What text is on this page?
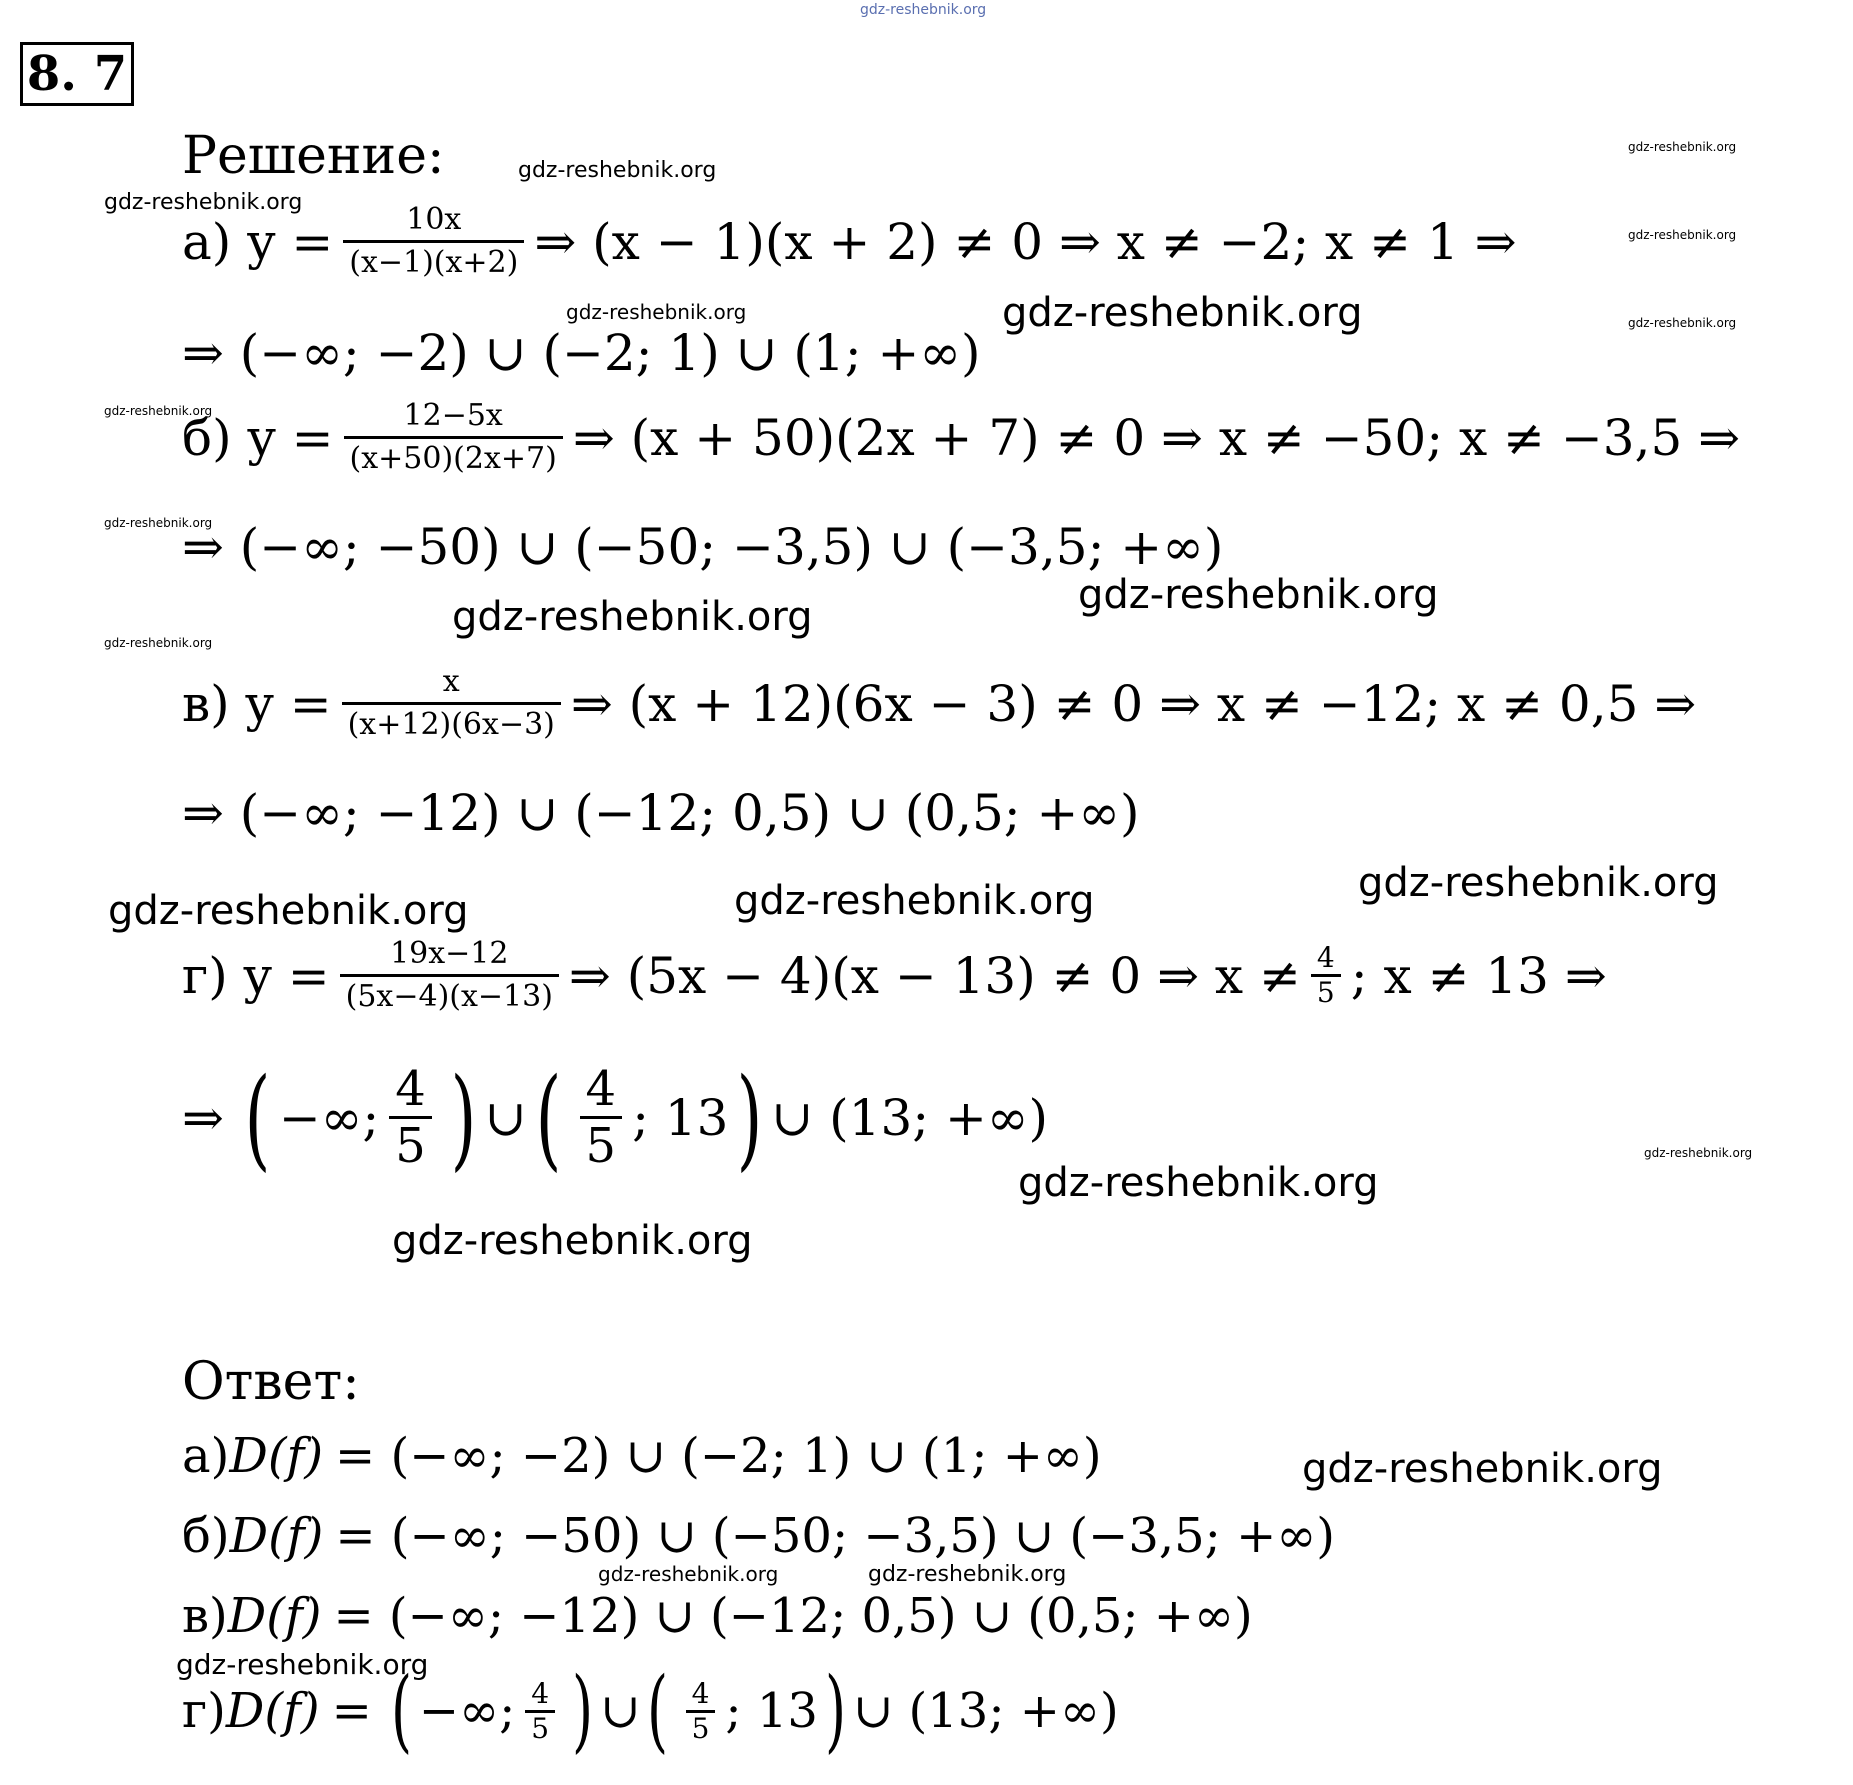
gdz-reshebnik.org
gdz-reshebnik.org
gdz-reshebnik.org
gdz-reshebnik.org
gdz-reshebnik.org
gdz-reshebnik.org
gdz-reshebnik.org	gdz-reshebnik.org
gdz-reshebnik.org
gdz-reshebnik.org
gdz-reshebnik.org
gdz-reshebnik.org
gdz-reshebnik.org
gdz-reshebnik.org
gdz-reshebnik.org	gdz-reshebnik.org
gdz-reshebnik.org
gdz-reshebnik.org
gdz-reshebnik.org
gdz-reshebnik.org
gdz-reshebnik.org	gdz-reshebnik.org
gdz-reshebnik.org
8. 7
Решение:
а) $y = \frac{10x}{(x-1)(x+2)}$ ⇒ (x − 1)(x + 2) ≠ 0 ⇒ x ≠ −2; x ≠ 1 ⇒
⇒ (−∞; −2) ∪ (−2; 1) ∪ (1; +∞)
б) $y = \frac{12-5x}{(x+50)(2x+7)}$ ⇒ (x + 50)(2x + 7) ≠ 0 ⇒ x ≠ −50; x ≠ −3,5 ⇒
⇒ (−∞; −50) ∪ (−50; −3,5) ∪ (−3,5; +∞)
в) $y = \frac{x}{(x+12)(6x-3)}$ ⇒ (x + 12)(6x − 3) ≠ 0 ⇒ x ≠ −12; x ≠ 0,5 ⇒
⇒ (−∞; −12) ∪ (−12; 0,5) ∪ (0,5; +∞)
г) $y = \frac{19x-12}{(5x-4)(x-13)}$ ⇒ (5x − 4)(x − 13) ≠ 0 ⇒ $x \ne \frac{4}{5}$ ; x ≠ 13 ⇒
⇒ ( −∞; $\frac{4}{5}$ ) ∪ ( $\frac{4}{5}$ ; 13 ) ∪ (13; +∞)
Ответ:
а) D(f) = (−∞; −2) ∪ (−2; 1) ∪ (1; +∞)
б) D(f) = (−∞; −50) ∪ (−50; −3,5) ∪ (−3,5; +∞)
в) D(f) = (−∞; −12) ∪ (−12; 0,5) ∪ (0,5; +∞)
г) D(f) = ( −∞; $\frac{4}{5}$ ) ∪ ( $\frac{4}{5}$ ; 13 ) ∪ (13; +∞)
